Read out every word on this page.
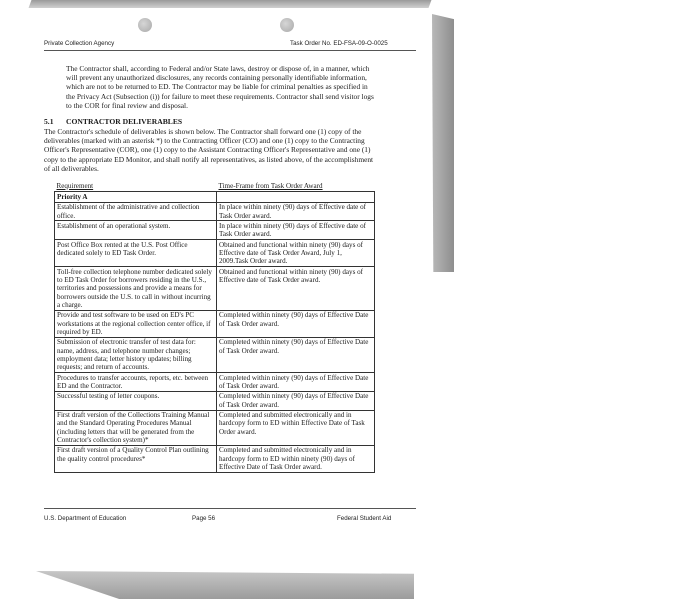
Private Collection Agency	Task Order No. ED-FSA-09-O-0025
The Contractor shall, according to Federal and/or State laws, destroy or dispose of, in a manner, which will prevent any unauthorized disclosures, any records containing personally identifiable information, which are not to be returned to ED. The Contractor may be liable for criminal penalties as specified in the Privacy Act (Subsection (i)) for failure to meet these requirements. Contractor shall send visitor logs to the COR for final review and disposal.
5.1 CONTRACTOR DELIVERABLES
The Contractor's schedule of deliverables is shown below. The Contractor shall forward one (1) copy of the deliverables (marked with an asterisk *) to the Contracting Officer (CO) and one (1) copy to the Contracting Officer's Representative (COR), one (1) copy to the Assistant Contracting Officer's Representative and one (1) copy to the appropriate ED Monitor, and shall notify all representatives, as listed above, of the accomplishment of all deliverables.
Requirement	Time-Frame from Task Order Award
Priority A	
Establishment of the administrative and collection office.	In place within ninety (90) days of Effective date of Task Order award.
Establishment of an operational system.	In place within ninety (90) days of Effective date of Task Order award.
Post Office Box rented at the U.S. Post Office dedicated solely to ED Task Order.	Obtained and functional within ninety (90) days of Effective date of Task Order Award, July 1, 2009.Task Order award.
Toll-free collection telephone number dedicated solely to ED Task Order for borrowers residing in the U.S., territories and possessions and provide a means for borrowers outside the U.S. to call in without incurring a charge.	Obtained and functional within ninety (90) days of Effective date of Task Order award.
Provide and test software to be used on ED's PC workstations at the regional collection center office, if required by ED.	Completed within ninety (90) days of Effective Date of Task Order award.
Submission of electronic transfer of test data for: name, address, and telephone number changes; employment data; letter history updates; billing requests; and return of accounts.	Completed within ninety (90) days of Effective Date of Task Order award.
Procedures to transfer accounts, reports, etc. between ED and the Contractor.	Completed within ninety (90) days of Effective Date of Task Order award.
Successful testing of letter coupons.	Completed within ninety (90) days of Effective Date of Task Order award.
First draft version of the Collections Training Manual and the Standard Operating Procedures Manual (including letters that will be generated from the Contractor's collection system)*	Completed and submitted electronically and in hardcopy form to ED within Effective Date of Task Order award.
First draft version of a Quality Control Plan outlining the quality control procedures*	Completed and submitted electronically and in hardcopy form to ED within ninety (90) days of Effective Date of Task Order award.
U.S. Department of Education	Page 56	Federal Student Aid
